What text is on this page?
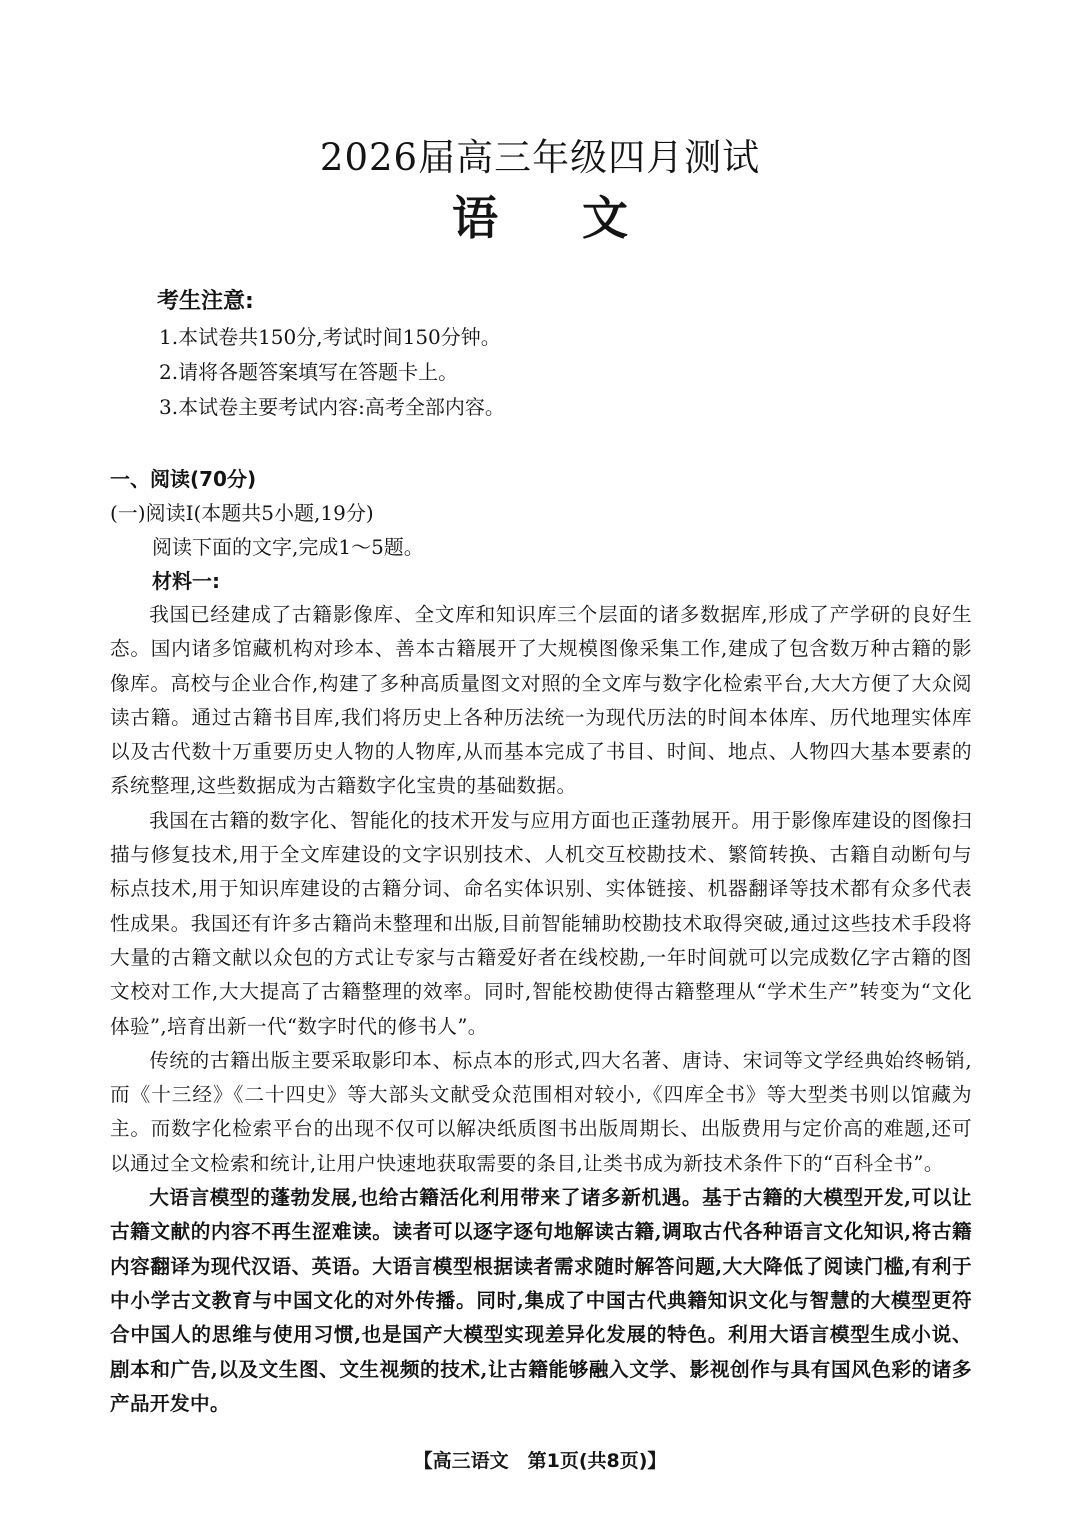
2026届高三年级四月测试
语文
考生注意:
1.本试卷共150分,考试时间150分钟。
2.请将各题答案填写在答题卡上。
3.本试卷主要考试内容:高考全部内容。
一、阅读(70分)
(一)阅读Ⅰ(本题共5小题,19分)
阅读下面的文字,完成1～5题。
材料一:

我国已经建成了古籍影像库、全文库和知识库三个层面的诸多数据库,形成了产学研的良好生态。国内诸多馆藏机构对珍本、善本古籍展开了大规模图像采集工作,建成了包含数万种古籍的影像库。高校与企业合作,构建了多种高质量图文对照的全文库与数字化检索平台,大大方便了大众阅读古籍。通过古籍书目库,我们将历史上各种历法统一为现代历法的时间本体库、历代地理实体库以及古代数十万重要历史人物的人物库,从而基本完成了书目、时间、地点、人物四大基本要素的系统整理,这些数据成为古籍数字化宝贵的基础数据。

我国在古籍的数字化、智能化的技术开发与应用方面也正蓬勃展开。用于影像库建设的图像扫描与修复技术,用于全文库建设的文字识别技术、人机交互校勘技术、繁简转换、古籍自动断句与标点技术,用于知识库建设的古籍分词、命名实体识别、实体链接、机器翻译等技术都有众多代表性成果。我国还有许多古籍尚未整理和出版,目前智能辅助校勘技术取得突破,通过这些技术手段将大量的古籍文献以众包的方式让专家与古籍爱好者在线校勘,一年时间就可以完成数亿字古籍的图文校对工作,大大提高了古籍整理的效率。同时,智能校勘使得古籍整理从“学术生产”转变为“文化体验”,培育出新一代“数字时代的修书人”。

传统的古籍出版主要采取影印本、标点本的形式,四大名著、唐诗、宋词等文学经典始终畅销,而《十三经》《二十四史》等大部头文献受众范围相对较小,《四库全书》等大型类书则以馆藏为主。而数字化检索平台的出现不仅可以解决纸质图书出版周期长、出版费用与定价高的难题,还可以通过全文检索和统计,让用户快速地获取需要的条目,让类书成为新技术条件下的“百科全书”。

大语言模型的蓬勃发展,也给古籍活化利用带来了诸多新机遇。基于古籍的大模型开发,可以让古籍文献的内容不再生涩难读。读者可以逐字逐句地解读古籍,调取古代各种语言文化知识,将古籍内容翻译为现代汉语、英语。大语言模型根据读者需求随时解答问题,大大降低了阅读门槛,有利于中小学古文教育与中国文化的对外传播。同时,集成了中国古代典籍知识文化与智慧的大模型更符合中国人的思维与使用习惯,也是国产大模型实现差异化发展的特色。利用大语言模型生成小说、剧本和广告,以及文生图、文生视频的技术,让古籍能够融入文学、影视创作与具有国风色彩的诸多产品开发中。

【高三语文　第1页(共8页)】
